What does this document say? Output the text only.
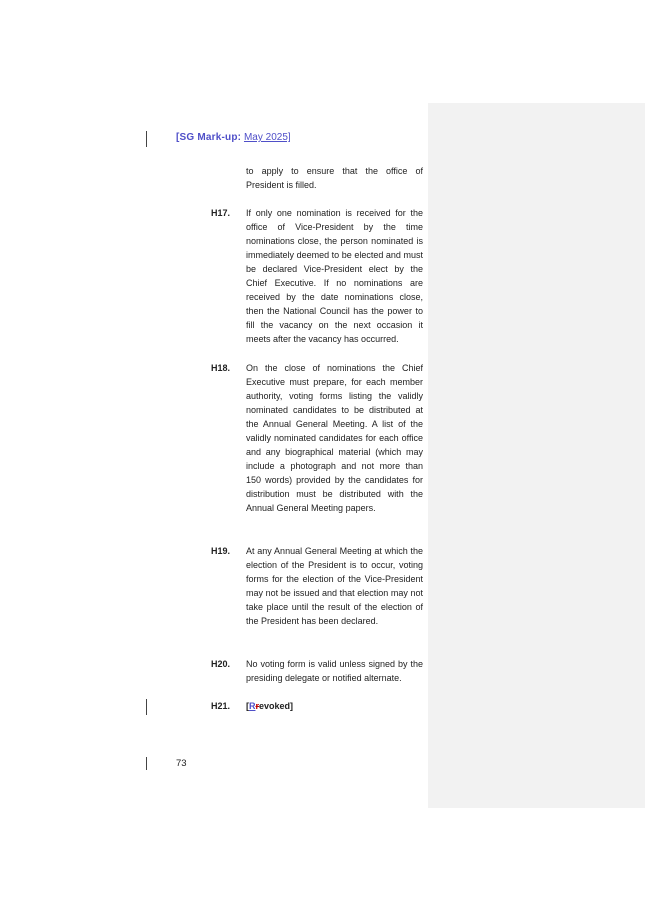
[SG Mark-up: May 2025]
to apply to ensure that the office of President is filled.
H17. If only one nomination is received for the office of Vice-President by the time nominations close, the person nominated is immediately deemed to be elected and must be declared Vice-President elect by the Chief Executive. If no nominations are received by the date nominations close, then the National Council has the power to fill the vacancy on the next occasion it meets after the vacancy has occurred.
H18. On the close of nominations the Chief Executive must prepare, for each member authority, voting forms listing the validly nominated candidates to be distributed at the Annual General Meeting. A list of the validly nominated candidates for each office and any biographical material (which may include a photograph and not more than 150 words) provided by the candidates for distribution must be distributed with the Annual General Meeting papers.
H19. At any Annual General Meeting at which the election of the President is to occur, voting forms for the election of the Vice-President may not be issued and that election may not take place until the result of the election of the President has been declared.
H20. No voting form is valid unless signed by the presiding delegate or notified alternate.
H21. [Rrevoked]
73
